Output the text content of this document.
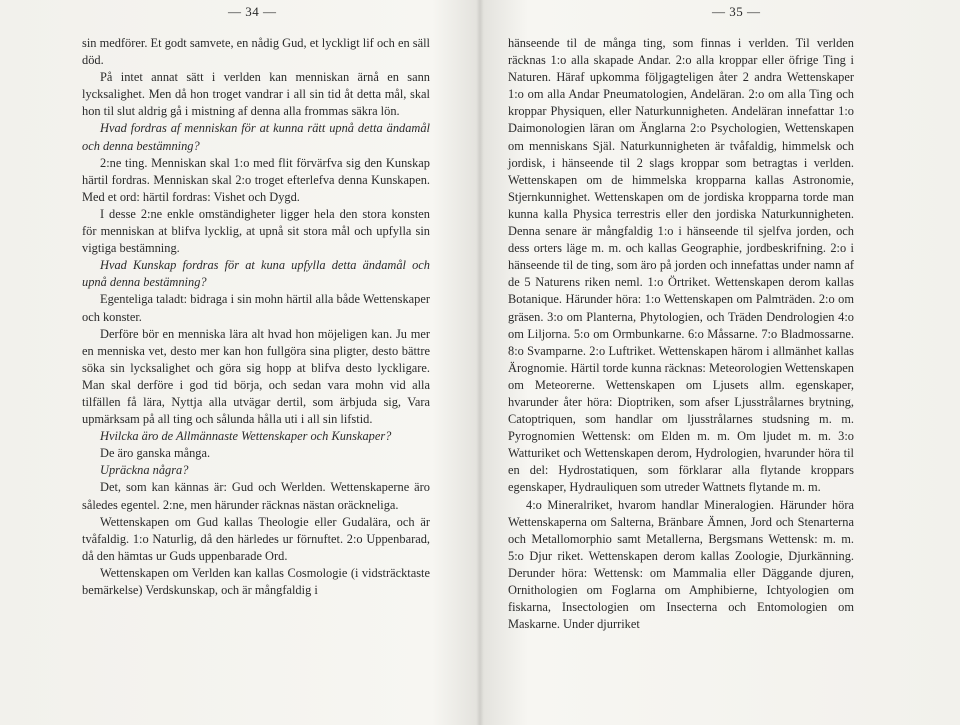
— 34 —

sin medförer. Et godt samvete, en nådig Gud, et lyckligt lif och en säll död.

På intet annat sätt i verlden kan menniskan ärnå en sann lycksalighet. Men då hon troget vandrar i all sin tid åt detta mål, skal hon til slut aldrig gå i mistning af denna alla frommas säkra lön.

Hvad fordras af menniskan för at kunna rätt upnå detta ändamål och denna bestämning?

2:ne ting. Menniskan skal 1:o med flit förvärfva sig den Kunskap härtil fordras. Menniskan skal 2:o troget efterlefva denna Kunskapen. Med et ord: härtil fordras: Vishet och Dygd.

I desse 2:ne enkle omständigheter ligger hela den stora konsten för menniskan at blifva lycklig, at upnå sit stora mål och upfylla sin vigtiga bestämning.

Hvad Kunskap fordras för at kuna upfylla detta ändamål och upnå denna bestämning?

Egenteliga taladt: bidraga i sin mohn härtil alla både Wettenskaper och konster.

Derföre bör en menniska lära alt hvad hon möjeligen kan. Ju mer en menniska vet, desto mer kan hon fullgöra sina pligter, desto bättre söka sin lycksalighet och göra sig hopp at blifva desto lyckligare. Man skal derföre i god tid börja, och sedan vara mohn vid alla tilfällen få lära, Nyttja alla utvägar dertil, som ärbjuda sig, Vara upmärksam på all ting och sålunda hålla uti i all sin lifstid.

Hvilcka äro de Allmännaste Wettenskaper och Kunskaper?

De äro ganska många.

Upräckna några?

Det, som kan kännas är: Gud och Werlden. Wettenskaperne äro således egentel. 2:ne, men härunder räcknas nästan oräckneliga.

Wettenskapen om Gud kallas Theologie eller Gudalära, och är tvåfaldig. 1:o Naturlig, då den härledes ur förnuftet. 2:o Uppenbarad, då den hämtas ur Guds uppenbarade Ord.

Wettenskapen om Verlden kan kallas Cosmologie (i vidsträcktaste bemärkelse) Verdskunskap, och är mångfaldig i

— 35 —

hänseende til de många ting, som finnas i verlden. Til verlden räcknas 1:o alla skapade Andar. 2:o alla kroppar eller öfrige Ting i Naturen. Häraf upkomma följgagteligen åter 2 andra Wettenskaper 1:o om alla Andar Pneumatologien, Andeläran. 2:o om alla Ting och kroppar Physiquen, eller Naturkunnigheten. Andeläran innefattar 1:o Daimonologien läran om Änglarna 2:o Psychologien, Wettenskapen om menniskans Själ. Naturkunnigheten är tvåfaldig, himmelsk och jordisk, i hänseende til 2 slags kroppar som betragtas i verlden. Wettenskapen om de himmelska kropparna kallas Astronomie, Stjernkunnighet. Wettenskapen om de jordiska kropparna torde man kunna kalla Physica terrestris eller den jordiska Naturkunnigheten. Denna senare är mångfaldig 1:o i hänseende til sjelfva jorden, och dess orters läge m. m. och kallas Geographie, jordbeskrifning. 2:o i hänseende til de ting, som äro på jorden och innefattas under namn af de 5 Naturens riken neml. 1:o Örtriket. Wettenskapen derom kallas Botanique. Härunder höra: 1:o Wettenskapen om Palmträden. 2:o om gräsen. 3:o om Planterna, Phytologien, och Träden Dendrologien 4:o om Liljorna. 5:o om Ormbunkarne. 6:o Måssarne. 7:o Bladmossarne. 8:o Svamparne. 2:o Luftriket. Wettenskapen härom i allmänhet kallas Ärognomie. Härtil torde kunna räcknas: Meteorologien Wettenskapen om Meteorerne. Wettenskapen om Ljusets allm. egenskaper, hvarunder åter höra: Dioptriken, som afser Ljusstrålarnes brytning, Catoptriquen, som handlar om ljusstrålarnes studsning m. m. Pyrognomien Wettensk: om Elden m. m. Om ljudet m. m. 3:o Watturiket och Wettenskapen derom, Hydrologien, hvarunder höra til en del: Hydrostatiquen, som förklarar alla flytande kroppars egenskaper, Hydrauliquen som utreder Wattnets flytande m. m.

4:o Mineralriket, hvarom handlar Mineralogien. Härunder höra Wettenskaperna om Salterna, Bränbare Ämnen, Jord och Stenarterna och Metallomorphio samt Metallerna, Bergsmans Wettensk: m. m. 5:o Djur riket. Wettenskapen derom kallas Zoologie, Djurkänning. Derunder höra: Wettensk: om Mammalia eller Däggande djuren, Ornithologien om Foglarna om Amphibierne, Ichtyologien om fiskarna, Insectologien om Insecterna och Entomologien om Maskarne. Under djurriket
